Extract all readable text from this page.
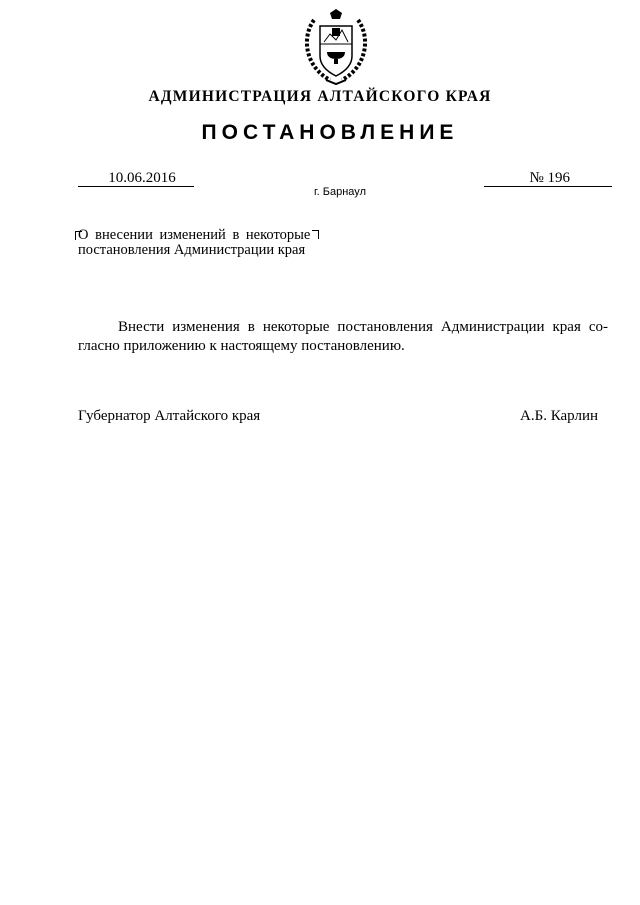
АДМИНИСТРАЦИЯ АЛТАЙСКОГО КРАЯ
ПОСТАНОВЛЕНИЕ
10.06.2016	№ 196
г. Барнаул
О внесении изменений в некоторые
постановления Администрации края
Внести изменения в некоторые постановления Администрации края со-гласно приложению к настоящему постановлению.
Губернатор Алтайского края	А.Б. Карлин
